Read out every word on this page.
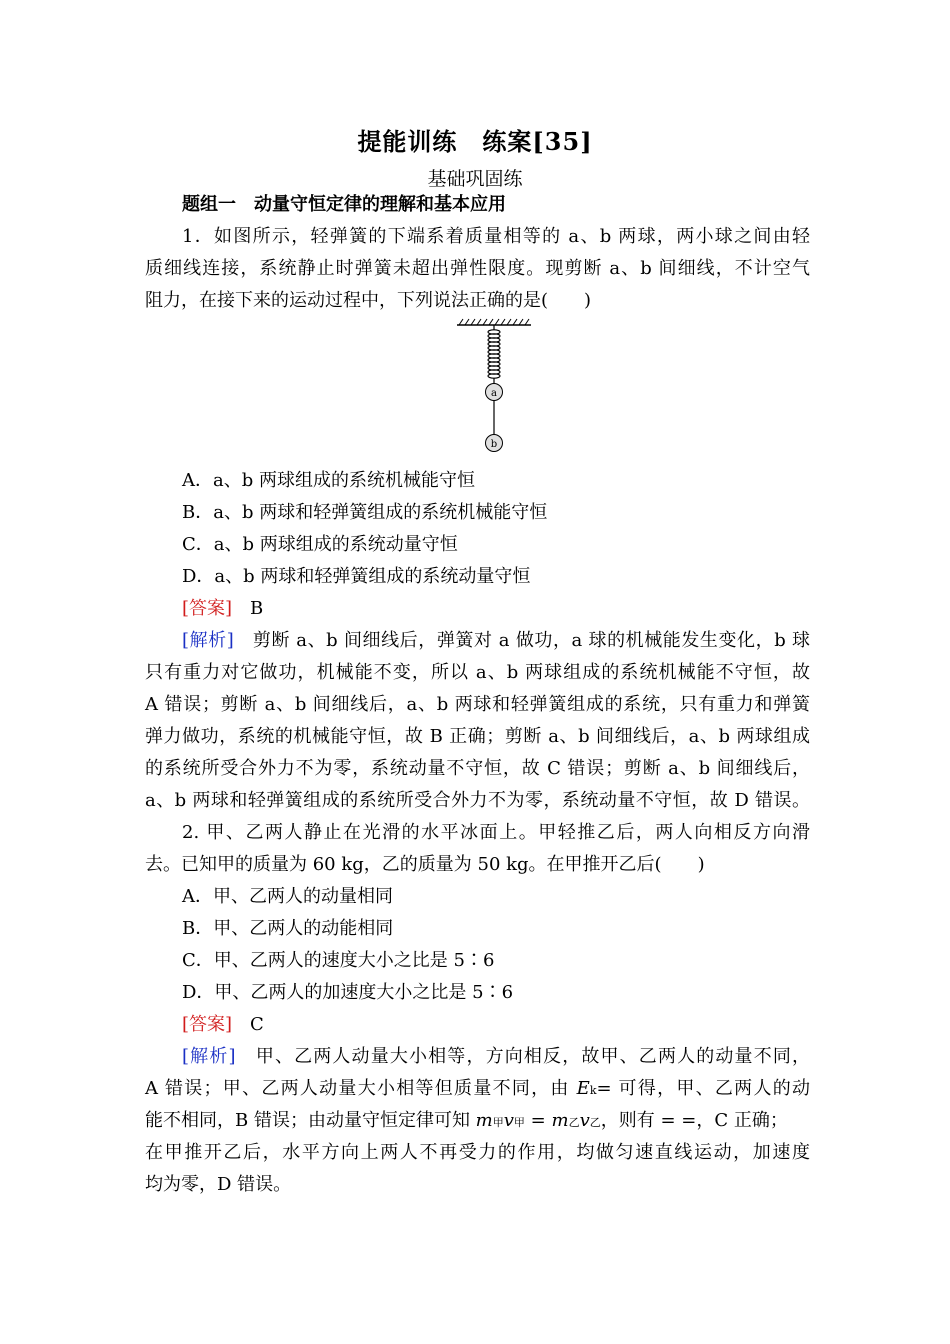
提能训练　练案[35]
基础巩固练
题组一　动量守恒定律的理解和基本应用
1．如图所示，轻弹簧的下端系着质量相等的 a、b 两球，两小球之间由轻
质细线连接，系统静止时弹簧未超出弹性限度。现剪断 a、b 间细线，不计空气
阻力，在接下来的运动过程中，下列说法正确的是(　　)
a
b
A．a、b 两球组成的系统机械能守恒
B．a、b 两球和轻弹簧组成的系统机械能守恒
C．a、b 两球组成的系统动量守恒
D．a、b 两球和轻弹簧组成的系统动量守恒
[答案]　 B
[解析]　 剪断 a、b 间细线后，弹簧对 a 做功，a 球的机械能发生变化，b 球
只有重力对它做功，机械能不变，所以 a、b 两球组成的系统机械能不守恒，故
A 错误；剪断 a、b 间细线后，a、b 两球和轻弹簧组成的系统，只有重力和弹簧
弹力做功，系统的机械能守恒，故 B 正确；剪断 a、b 间细线后，a、b 两球组成
的系统所受合外力不为零，系统动量不守恒，故 C 错误；剪断 a、b 间细线后，
a、b 两球和轻弹簧组成的系统所受合外力不为零，系统动量不守恒，故 D 错误。
2. 甲、乙两人静止在光滑的水平冰面上。甲轻推乙后，两人向相反方向滑
去。已知甲的质量为 60 kg，乙的质量为 50 kg。在甲推开乙后(　　)
A．甲、乙两人的动量相同
B．甲、乙两人的动能相同
C．甲、乙两人的速度大小之比是 5∶6
D．甲、乙两人的加速度大小之比是 5∶6
[答案]　 C
[解析]　 甲、乙两人动量大小相等，方向相反，故甲、乙两人的动量不同，
A 错误；甲、乙两人动量大小相等但质量不同，由 Ek= 可得，甲、乙两人的动
能不相同，B 错误；由动量守恒定律可知 m甲v甲 = m乙v乙，则有 = =，C 正确；
在甲推开乙后，水平方向上两人不再受力的作用，均做匀速直线运动，加速度
均为零，D 错误。
